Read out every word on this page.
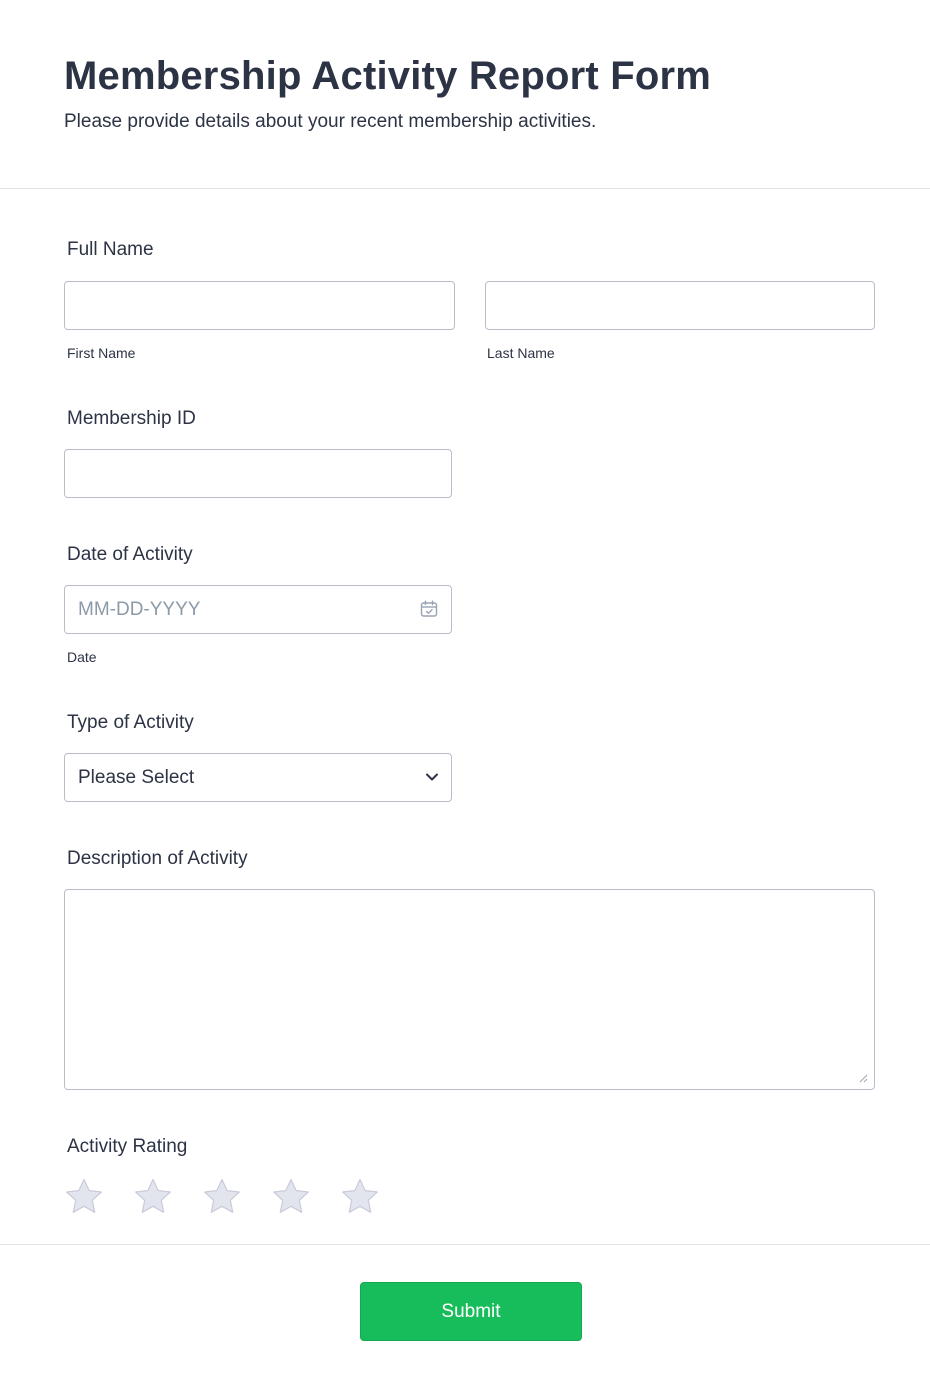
Membership Activity Report Form

Please provide details about your recent membership activities.

Full Name
First Name	Last Name
Membership ID
Date of Activity
MM-DD-YYYY
Date
Type of Activity
Please Select
Description of Activity
Activity Rating
Submit
